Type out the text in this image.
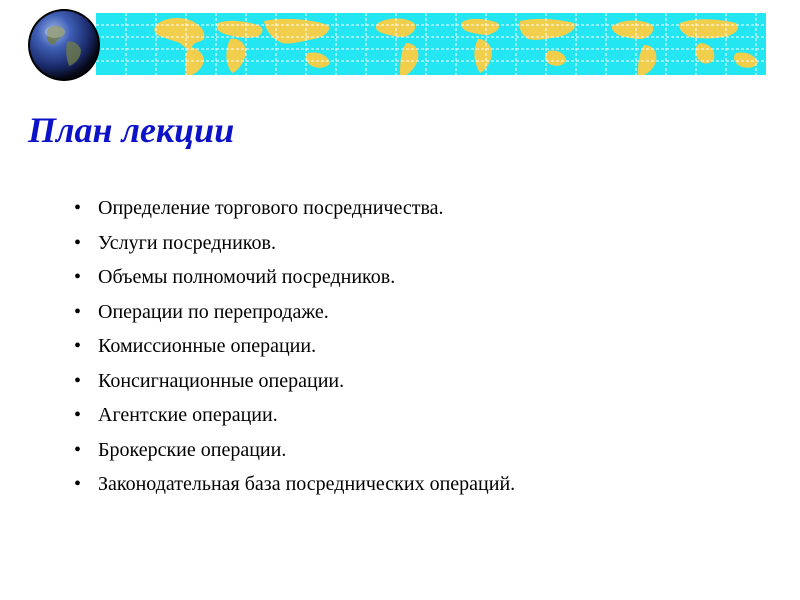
План лекции
• Определение торгового посредничества.
• Услуги посредников.
• Объемы полномочий посредников.
• Операции по перепродаже.
• Комиссионные операции.
• Консигнационные операции.
• Агентские операции.
• Брокерские операции.
• Законодательная база посреднических операций.
